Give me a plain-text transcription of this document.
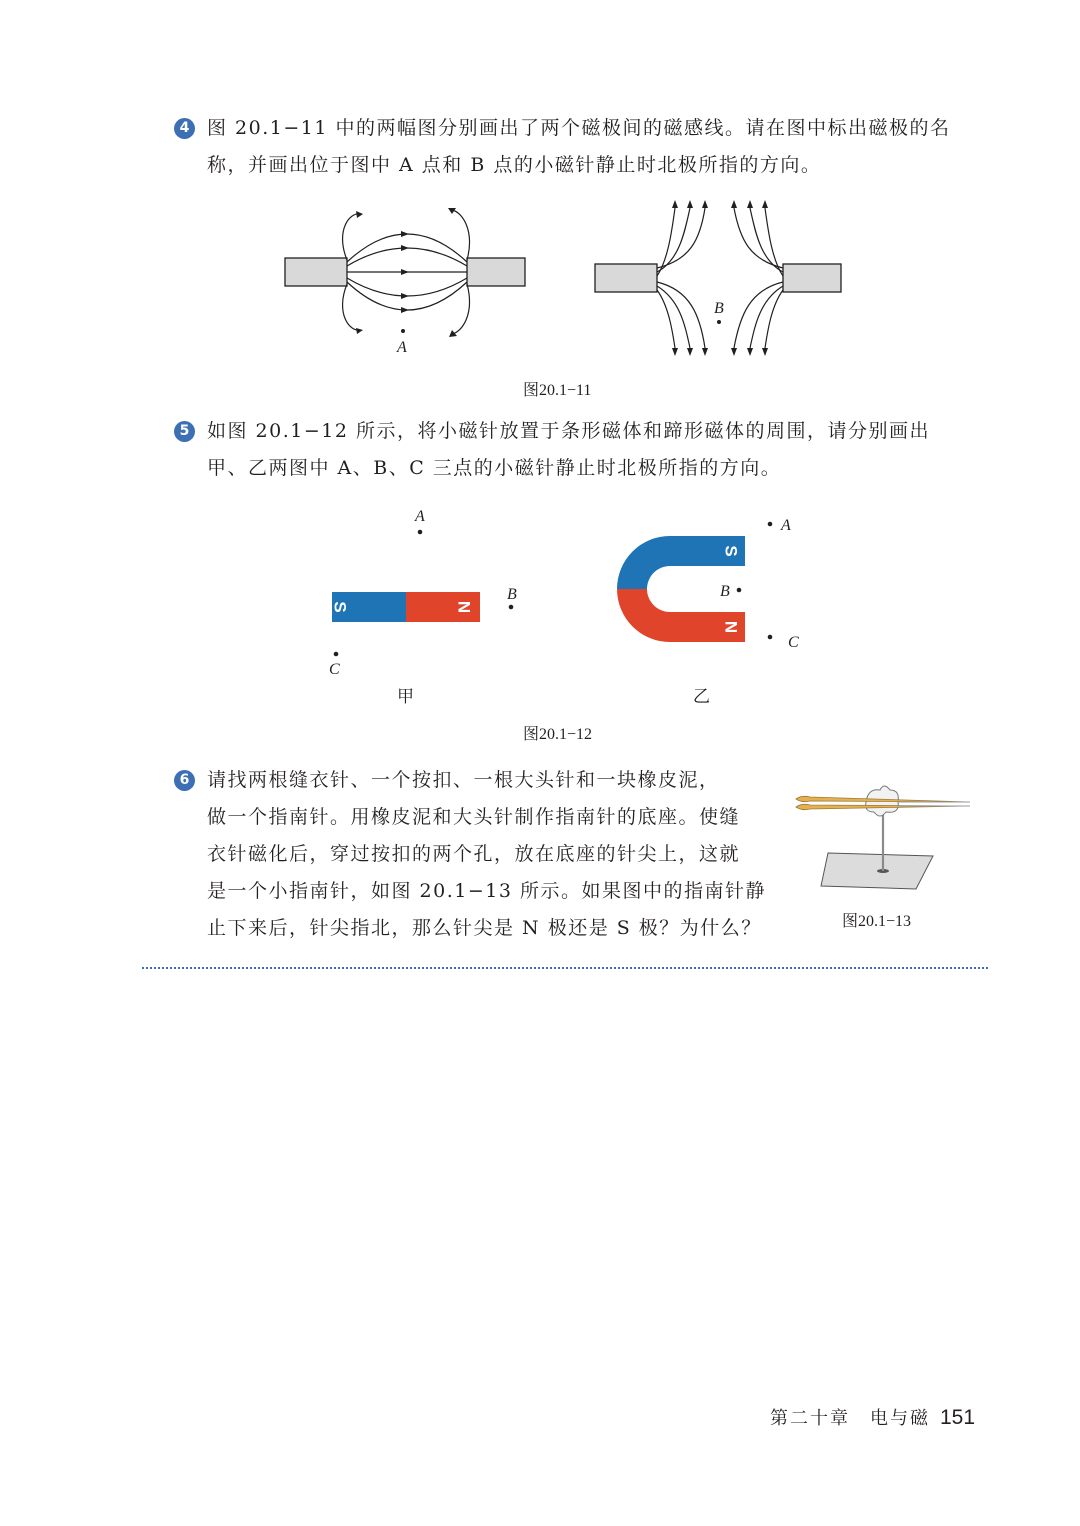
4 图 20.1−11 中的两幅图分别画出了两个磁极间的磁感线。请在图中标出磁极的名
称，并画出位于图中 A 点和 B 点的小磁针静止时北极所指的方向。
A
B
图20.1−11
5 如图 20.1−12 所示，将小磁针放置于条形磁体和蹄形磁体的周围，请分别画出
甲、乙两图中 A、B、C 三点的小磁针静止时北极所指的方向。
S	N
A
B
C
甲
S
N
A
B
C
乙
图20.1−12
6 请找两根缝衣针、一个按扣、一根大头针和一块橡皮泥，
做一个指南针。用橡皮泥和大头针制作指南针的底座。使缝
衣针磁化后，穿过按扣的两个孔，放在底座的针尖上，这就
是一个小指南针，如图 20.1−13 所示。如果图中的指南针静
止下来后，针尖指北，那么针尖是 N 极还是 S 极？为什么？	图20.1−13
第二十章　电与磁 151
